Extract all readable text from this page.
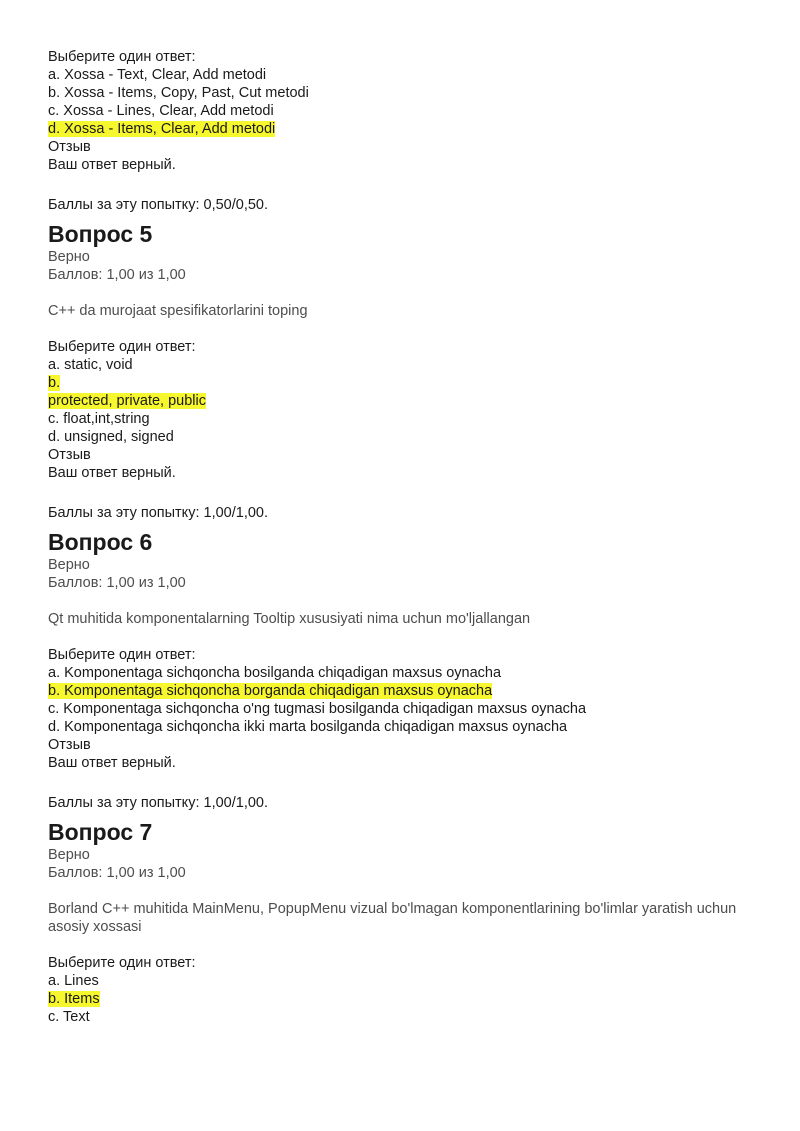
Выберите один ответ:

a. Xossa - Text, Clear, Add metodi

b. Xossa - Items, Copy, Past, Cut metodi

c. Xossa - Lines, Clear, Add metodi

d. Xossa - Items, Clear, Add metodi

Отзыв

Ваш ответ верный.

Баллы за эту попытку: 0,50/0,50.

Вопрос 5

Верно

Баллов: 1,00 из 1,00

C++ da murojaat spesifikatorlarini toping

Выберите один ответ:

a. static, void

b.

protected, private, public

c. float,int,string

d. unsigned, signed

Отзыв

Ваш ответ верный.

Баллы за эту попытку: 1,00/1,00.

Вопрос 6

Верно

Баллов: 1,00 из 1,00

Qt muhitida komponentalarning Tooltip xususiyati nima uchun mo'ljallangan

Выберите один ответ:

a. Komponentaga sichqoncha bosilganda chiqadigan maxsus oynacha

b. Komponentaga sichqoncha borganda chiqadigan maxsus oynacha

c. Komponentaga sichqoncha o'ng tugmasi bosilganda chiqadigan maxsus oynacha

d. Komponentaga sichqoncha ikki marta bosilganda chiqadigan maxsus oynacha

Отзыв

Ваш ответ верный.

Баллы за эту попытку: 1,00/1,00.

Вопрос 7

Верно

Баллов: 1,00 из 1,00

Borland C++ muhitida MainMenu, PopupMenu vizual bo'lmagan komponentlarining bo'limlar yaratish uchun asosiy xossasi

Выберите один ответ:

a. Lines

b. Items

c. Text
